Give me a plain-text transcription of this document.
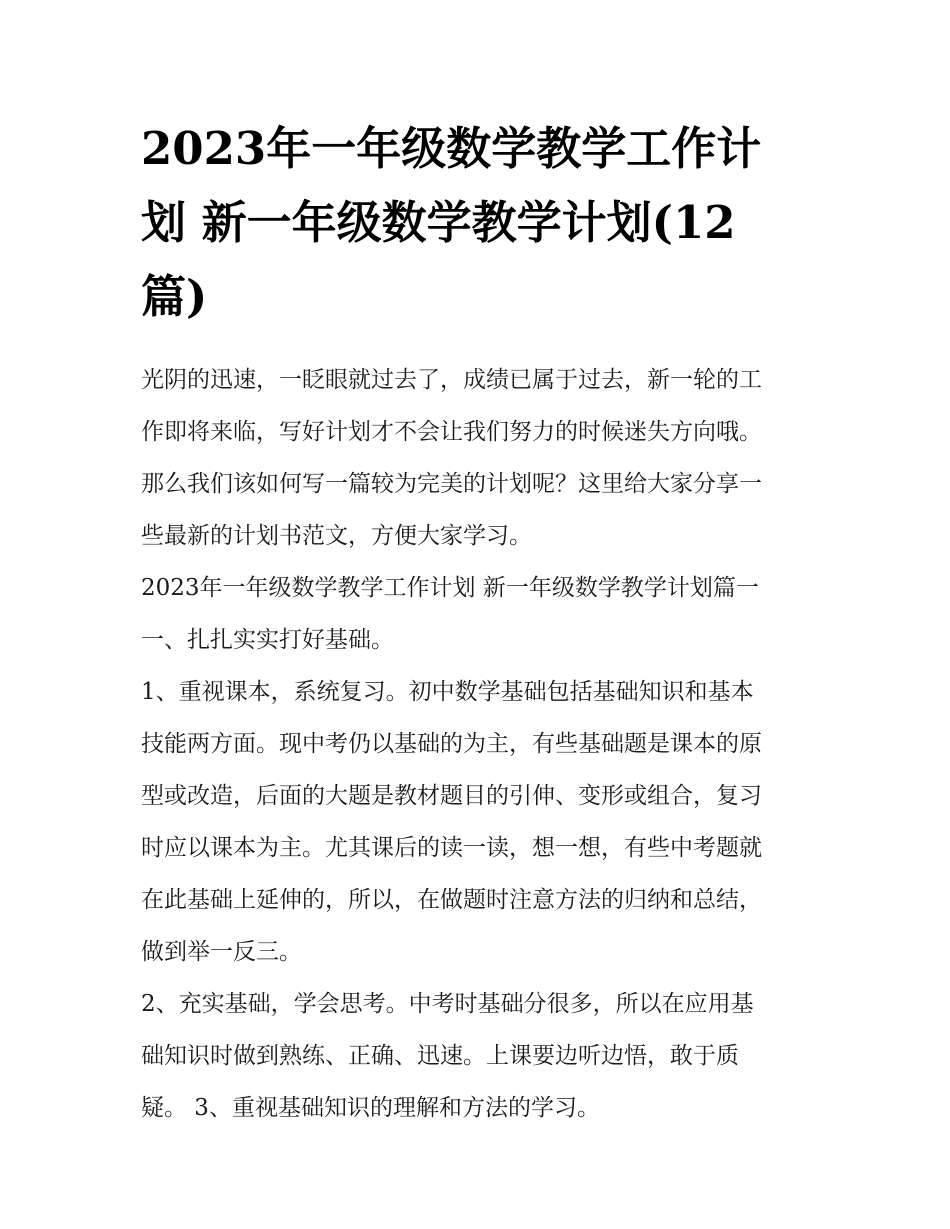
2023年一年级数学教学工作计
划 新一年级数学教学计划(12
篇)

光阴的迅速，一眨眼就过去了，成绩已属于过去，新一轮的工
作即将来临，写好计划才不会让我们努力的时候迷失方向哦。
那么我们该如何写一篇较为完美的计划呢？这里给大家分享一
些最新的计划书范文，方便大家学习。

2023年一年级数学教学工作计划 新一年级数学教学计划篇一

一、扎扎实实打好基础。

1、重视课本，系统复习。初中数学基础包括基础知识和基本
技能两方面。现中考仍以基础的为主，有些基础题是课本的原
型或改造，后面的大题是教材题目的引伸、变形或组合，复习
时应以课本为主。尤其课后的读一读，想一想，有些中考题就
在此基础上延伸的，所以，在做题时注意方法的归纳和总结，
做到举一反三。

2、充实基础，学会思考。中考时基础分很多，所以在应用基
础知识时做到熟练、正确、迅速。上课要边听边悟，敢于质
疑。 3、重视基础知识的理解和方法的学习。
